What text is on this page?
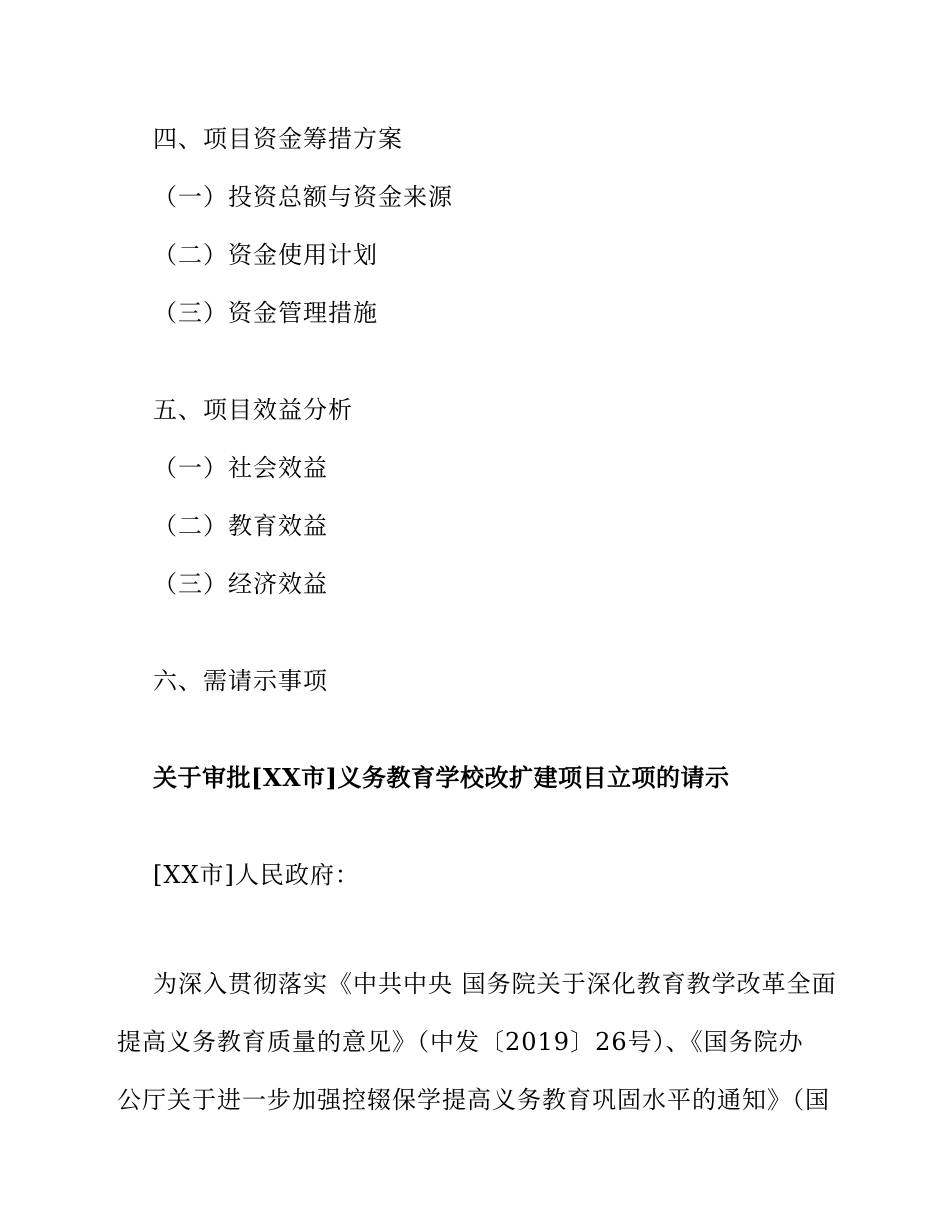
四、项目资金筹措方案
（一）投资总额与资金来源
（二）资金使用计划
（三）资金管理措施
五、项目效益分析
（一）社会效益
（二）教育效益
（三）经济效益
六、需请示事项
关于审批[XX市]义务教育学校改扩建项目立项的请示
[XX市]人民政府：
为深入贯彻落实《中共中央 国务院关于深化教育教学改革全面
提高义务教育质量的意见》（中发〔2019〕26号）、《国务院办
公厅关于进一步加强控辍保学提高义务教育巩固水平的通知》（国
